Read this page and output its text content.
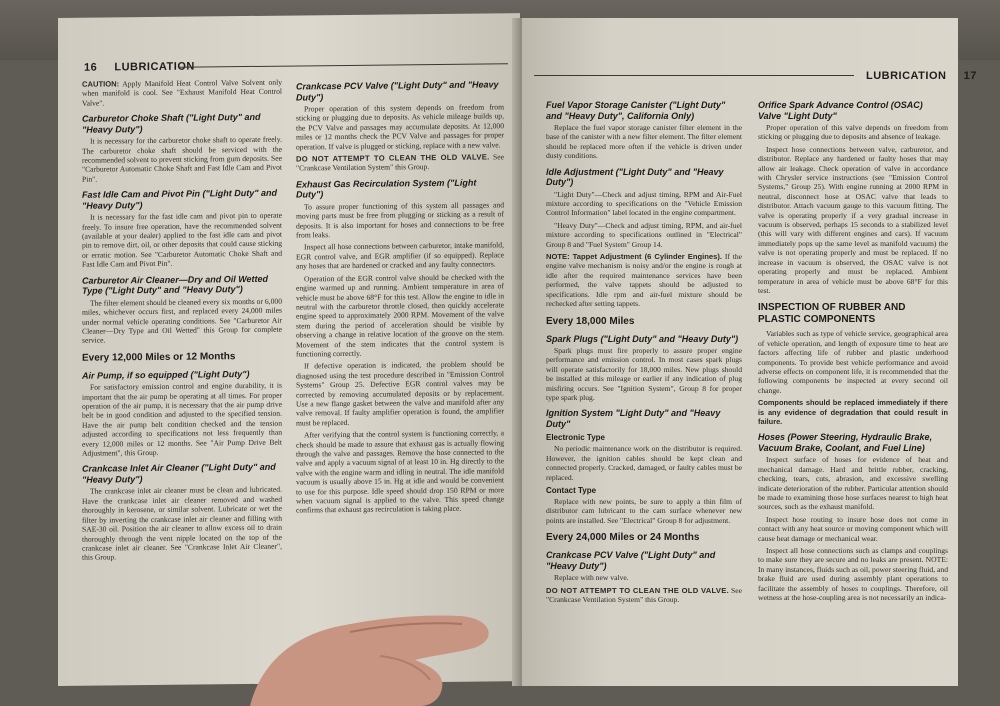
16 LUBRICATION

CAUTION: Apply Manifold Heat Control Valve Solvent only when manifold is cool. See "Exhaust Manifold Heat Control Valve".

Carburetor Choke Shaft ("Light Duty" and "Heavy Duty")

It is necessary for the carburetor choke shaft to operate freely. The carburetor choke shaft should be serviced with the recommended solvent to prevent sticking from gum deposits. See "Carburetor Automatic Choke Shaft and Fast Idle Cam and Pivot Pin".

Fast Idle Cam and Pivot Pin ("Light Duty" and "Heavy Duty")

It is necessary for the fast idle cam and pivot pin to operate freely. To insure free operation, have the recommended solvent (available at your dealer) applied to the fast idle cam and pivot pin to remove dirt, oil, or other deposits that could cause sticking or erratic motion. See "Carburetor Automatic Choke Shaft and Fast Idle Cam and Pivot Pin".

Carburetor Air Cleaner—Dry and Oil Wetted Type ("Light Duty" and "Heavy Duty")

The filter element should be cleaned every six months or 6,000 miles, whichever occurs first, and replaced every 24,000 miles under normal vehicle operating conditions. See "Carburetor Air Cleaner—Dry Type and Oil Wetted" this Group for complete service.

Every 12,000 Miles or 12 Months
Air Pump, if so equipped ("Light Duty")

For satisfactory emission control and engine durability, it is important that the air pump be operating at all times. For proper operation of the air pump, it is necessary that the air pump drive belt be in good condition and adjusted to the specified tension. Have the air pump belt condition checked and the tension adjusted according to specifications not less frequently than every 12,000 miles or 12 months. See "Air Pump Drive Belt Adjustment", this Group.

Crankcase Inlet Air Cleaner ("Light Duty" and "Heavy Duty")

The crankcase inlet air cleaner must be clean and lubricated. Have the crankcase inlet air cleaner removed and washed thoroughly in kerosene, or similar solvent. Lubricate or wet the filter by inverting the crankcase inlet air cleaner and filling with SAE-30 oil. Position the air cleaner to allow excess oil to drain thoroughly through the vent nipple located on the top of the crankcase inlet air cleaner. See "Crankcase Inlet Air Cleaner", this Group.

Crankcase PCV Valve ("Light Duty" and "Heavy Duty")

Proper operation of this system depends on freedom from sticking or plugging due to deposits. As vehicle mileage builds up, the PCV Valve and passages may accumulate deposits. At 12,000 miles or 12 months check the PCV Valve and passages for proper operation. If valve is plugged or sticking, replace with a new valve.

DO NOT ATTEMPT TO CLEAN THE OLD VALVE. See "Crankcase Ventilation System" this Group.

Exhaust Gas Recirculation System ("Light Duty")

To assure proper functioning of this system all passages and moving parts must be free from plugging or sticking as a result of deposits. It is also important for hoses and connections to be free from leaks.

Inspect all hose connections between carburetor, intake manifold, EGR control valve, and EGR amplifier (if so equipped). Replace any hoses that are hardened or cracked and any faulty connectors.

Operation of the EGR control valve should be checked with the engine warmed up and running. Ambient temperature in area of vehicle must be above 68°F for this test. Allow the engine to idle in neutral with the carburetor throttle closed, then quickly accelerate engine speed to approximately 2000 RPM. Movement of the valve stem during the period of acceleration should be visible by observing a change in relative location of the groove on the stem. Movement of the stem indicates that the control system is functioning correctly.

If defective operation is indicated, the problem should be diagnosed using the test procedure described in "Emission Control Systems" Group 25. Defective EGR control valves may be corrected by removing accumulated deposits or by replacement. Use a new flange gasket between the valve and manifold after any valve removal. If faulty amplifier operation is found, the amplifier must be replaced.

After verifying that the control system is functioning correctly, a check should be made to assure that exhaust gas is actually flowing through the valve and passages. Remove the hose connected to the valve and apply a vacuum signal of at least 10 in. Hg directly to the valve with the engine warm and idling in neutral. The idle manifold vacuum is usually above 15 in. Hg at idle and would be convenient to use for this purpose. Idle speed should drop 150 RPM or more when vacuum signal is applied to the valve. This speed change confirms that exhaust gas recirculation is taking place.

LUBRICATION 17
Fuel Vapor Storage Canister ("Light Duty" and "Heavy Duty", California Only)

Replace the fuel vapor storage canister filter element in the base of the canister with a new filter element. The filter element should be replaced more often if the vehicle is driven under dusty conditions.

Idle Adjustment ("Light Duty" and "Heavy Duty")

"Light Duty"—Check and adjust timing, RPM and Air-Fuel mixture according to specifications on the "Vehicle Emission Control Information" label located in the engine compartment.

"Heavy Duty"—Check and adjust timing, RPM, and air-fuel mixture according to specifications outlined in "Electrical" Group 8 and "Fuel System" Group 14.

NOTE: Tappet Adjustment (6 Cylinder Engines). If the engine valve mechanism is noisy and/or the engine is rough at idle after the required maintenance services have been performed, the valve tappets should be adjusted to specifications. Idle rpm and air-fuel mixture should be rechecked after setting tappets.

Every 18,000 Miles
Spark Plugs ("Light Duty" and "Heavy Duty")

Spark plugs must fire properly to assure proper engine performance and emission control. In most cases spark plugs will operate satisfactorily for 18,000 miles. New plugs should be installed at this mileage or earlier if any indication of plug misfiring occurs. See "Ignition System", Group 8 for proper type spark plug.

Ignition System "Light Duty" and "Heavy Duty"
Electronic Type

No periodic maintenance work on the distributor is required. However, the ignition cables should be kept clean and connected properly. Cracked, damaged, or faulty cables must be replaced.

Contact Type

Replace with new points, be sure to apply a thin film of distributor cam lubricant to the cam surface whenever new points are installed. See "Electrical" Group 8 for adjustment.

Every 24,000 Miles or 24 Months
Crankcase PCV Valve ("Light Duty" and "Heavy Duty")

Replace with new valve.

DO NOT ATTEMPT TO CLEAN THE OLD VALVE. See "Crankcase Ventilation System" this Group.

Orifice Spark Advance Control (OSAC) Valve "Light Duty"

Proper operation of this valve depends on freedom from sticking or plugging due to deposits and absence of leakage.

Inspect hose connections between valve, carburetor, and distributor. Replace any hardened or faulty hoses that may allow air leakage. Check operation of valve in accordance with Chrysler service instructions (see "Emission Control Systems," Group 25). With engine running at 2000 RPM in neutral, disconnect hose at OSAC valve that leads to distributor. Attach vacuum gauge to this vacuum fitting. The valve is operating properly if a very gradual increase in vacuum is observed, perhaps 15 seconds to a stabilized level (this will vary with different engines and cars). If vacuum immediately pops up the same level as manifold vacuum) the valve is not operating properly and must be replaced. If no increase in vacuum is observed, the OSAC valve is not operating properly and must be replaced. Ambient temperature in area of vehicle must be above 68°F for this test.

INSPECTION OF RUBBER AND PLASTIC COMPONENTS

Variables such as type of vehicle service, geographical area of vehicle operation, and length of exposure time to heat are factors affecting life of rubber and plastic underhood components. To provide best vehicle performance and avoid adverse effects on component life, it is recommended that the following components be inspected at every second oil change.

Components should be replaced immediately if there is any evidence of degradation that could result in failure.

Hoses (Power Steering, Hydraulic Brake, Vacuum Brake, Coolant, and Fuel Line)

Inspect surface of hoses for evidence of heat and mechanical damage. Hard and brittle rubber, cracking, checking, tears, cuts, abrasion, and excessive swelling indicate deterioration of the rubber. Particular attention should be made to examining those hose surfaces nearest to high heat sources, such as the exhaust manifold.

Inspect hose routing to insure hose does not come in contact with any heat source or moving component which will cause heat damage or mechanical wear.

Inspect all hose connections such as clamps and couplings to make sure they are secure and no leaks are present. NOTE: In many instances, fluids such as oil, power steering fluid, and brake fluid are used during assembly plant operations to facilitate the assembly of hoses to couplings. Therefore, oil wetness at the hose-coupling area is not necessarily an indica-
